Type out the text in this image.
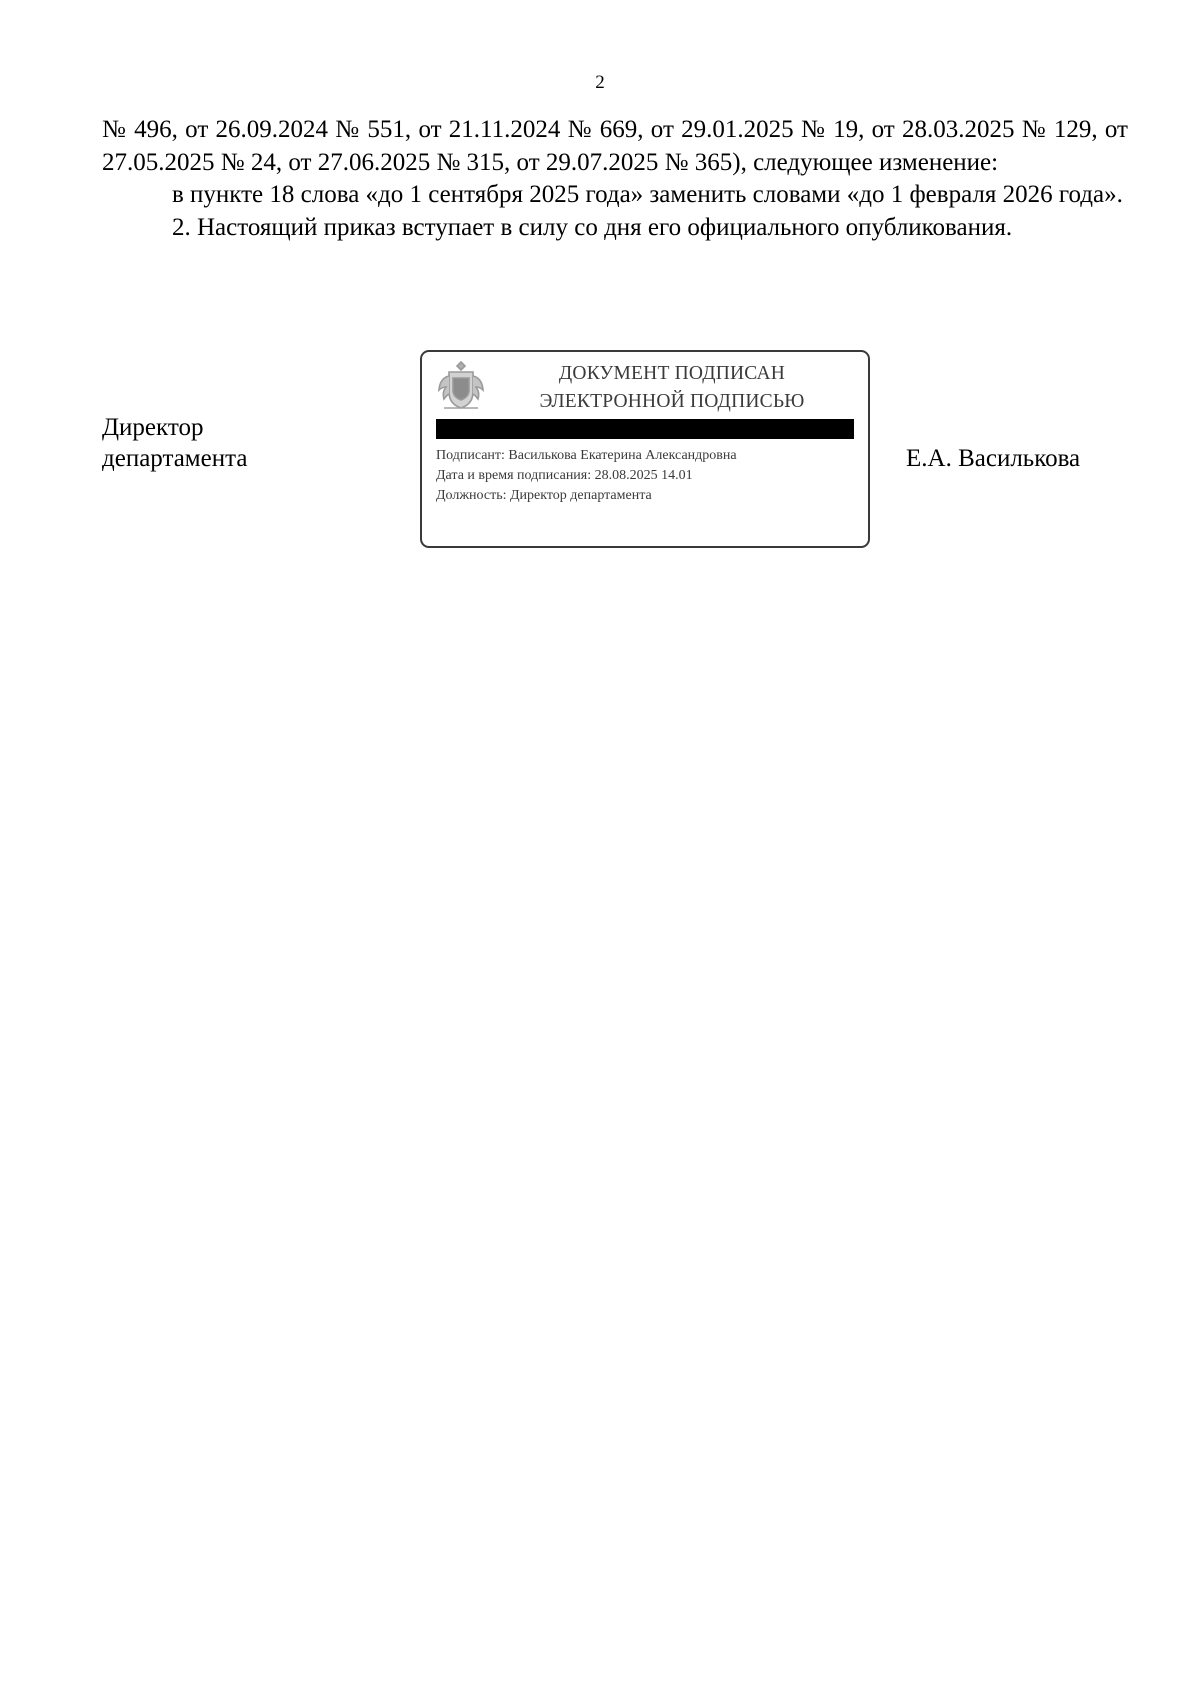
2

№ 496, от 26.09.2024 № 551, от 21.11.2024 № 669, от 29.01.2025 № 19, от 28.03.2025 № 129, от 27.05.2025 № 24, от 27.06.2025 № 315, от 29.07.2025 № 365), следующее изменение:

в пункте 18 слова «до 1 сентября 2025 года» заменить словами «до 1 февраля 2026 года».

2. Настоящий приказ вступает в силу со дня его официального опубликования.

Директор
департамента
ДОКУМЕНТ ПОДПИСАН
ЭЛЕКТРОННОЙ ПОДПИСЬЮ
Подписант: Василькова Екатерина Александровна
Дата и время подписания: 28.08.2025 14.01
Должность: Директор департамента
Е.А. Василькова
